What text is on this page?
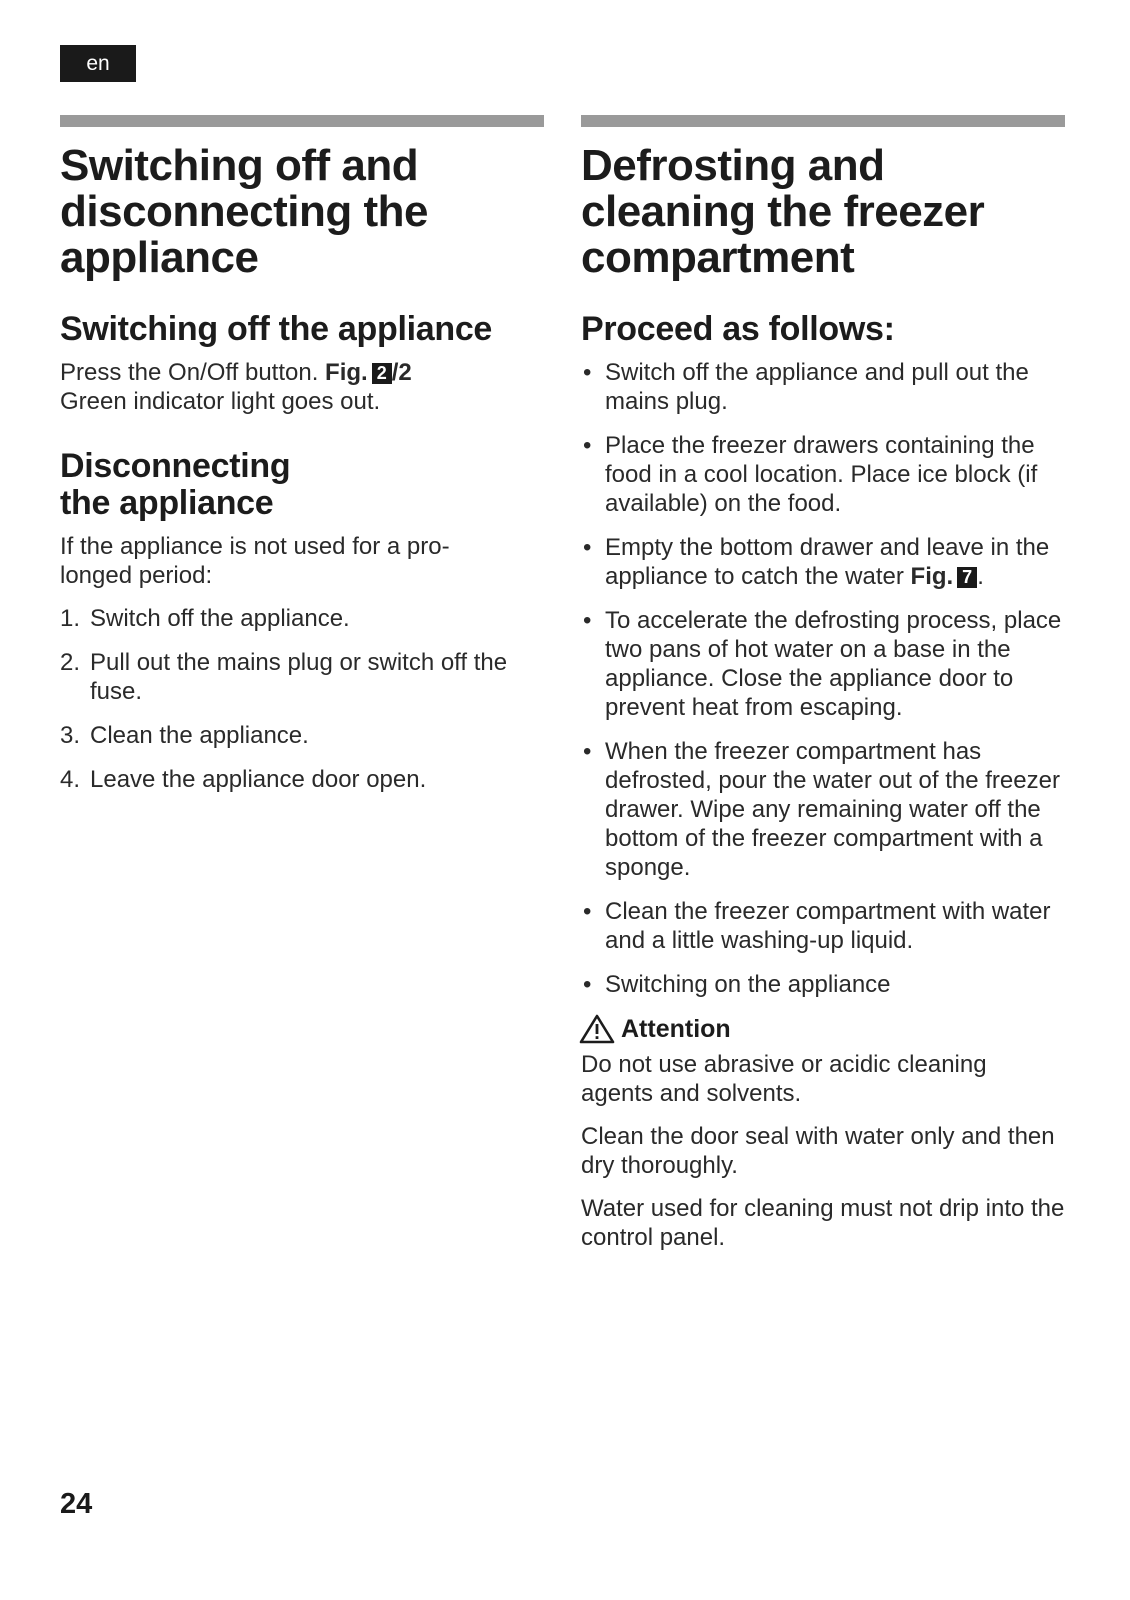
en
Switching off and
disconnecting the
appliance
Switching off the appliance

Press the On/Off button. Fig. 2 /2
Green indicator light goes out.

Disconnecting
the appliance

If the appliance is not used for a pro-
longed period:

1. Switch off the appliance.
2. Pull out the mains plug or switch off the fuse.
3. Clean the appliance.
4. Leave the appliance door open.
Defrosting and
cleaning the freezer
compartment
Proceed as follows:
• Switch off the appliance and pull out the mains plug.
• Place the freezer drawers containing the food in a cool location. Place ice block (if available) on the food.
• Empty the bottom drawer and leave in the appliance to catch the water Fig. 7 .
• To accelerate the defrosting process, place two pans of hot water on a base in the appliance. Close the appliance door to prevent heat from escaping.
• When the freezer compartment has defrosted, pour the water out of the freezer drawer. Wipe any remaining water off the bottom of the freezer compartment with a sponge.
• Clean the freezer compartment with water and a little washing-up liquid.
• Switching on the appliance
Attention

Do not use abrasive or acidic cleaning agents and solvents.

Clean the door seal with water only and then dry thoroughly.

Water used for cleaning must not drip into the control panel.

24
